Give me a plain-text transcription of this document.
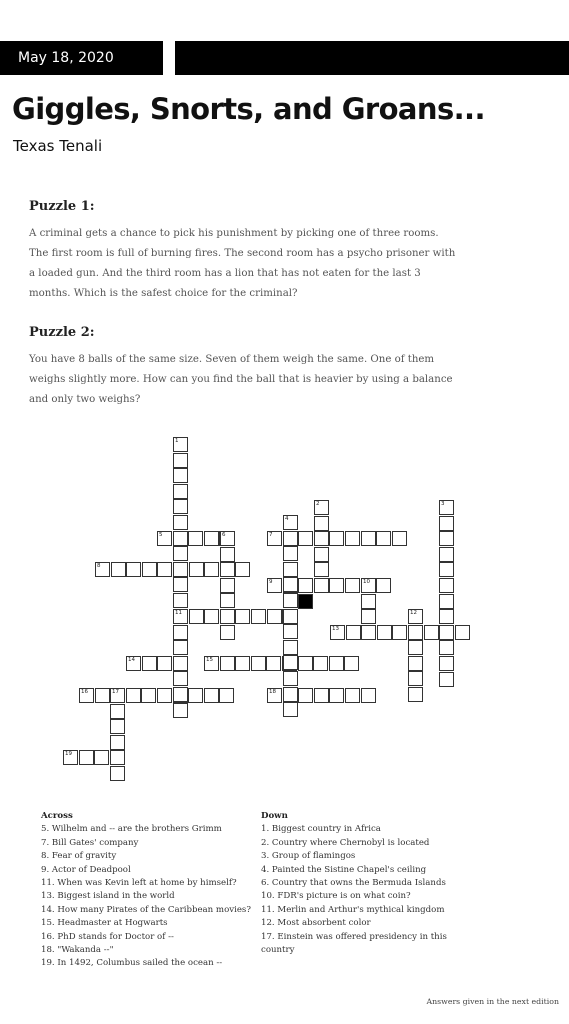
May 18, 2020
Giggles, Snorts, and Groans...
Texas Tenali
Puzzle 1:

A criminal gets a chance to pick his punishment by picking one of three rooms. The first room is full of burning fires. The second room has a psycho prisoner with a loaded gun. And the third room has a lion that has not eaten for the last 3 months. Which is the safest choice for the criminal?

Puzzle 2:

You have 8 balls of the same size. Seven of them weigh the same. One of them weighs slightly more. How can you find the ball that is heavier by using a balance and only two weighs?

5	7
8
9	10
11
13
14	15
16	17	18
19
1
2	3
4
6
12
Across
5. Wilhelm and -- are the brothers Grimm
7. Bill Gates' company
8. Fear of gravity
9. Actor of Deadpool
11. When was Kevin left at home by himself?
13. Biggest island in the world
14. How many Pirates of the Caribbean movies?
15. Headmaster at Hogwarts
16. PhD stands for Doctor of --
18. "Wakanda --"
19. In 1492, Columbus sailed the ocean --
Down
1. Biggest country in Africa
2. Country where Chernobyl is located
3. Group of flamingos
4. Painted the Sistine Chapel's ceiling
6. Country that owns the Bermuda Islands
10. FDR's picture is on what coin?
11. Merlin and Arthur's mythical kingdom
12. Most absorbent color
17. Einstein was offered presidency in this country
Answers given in the next edition
